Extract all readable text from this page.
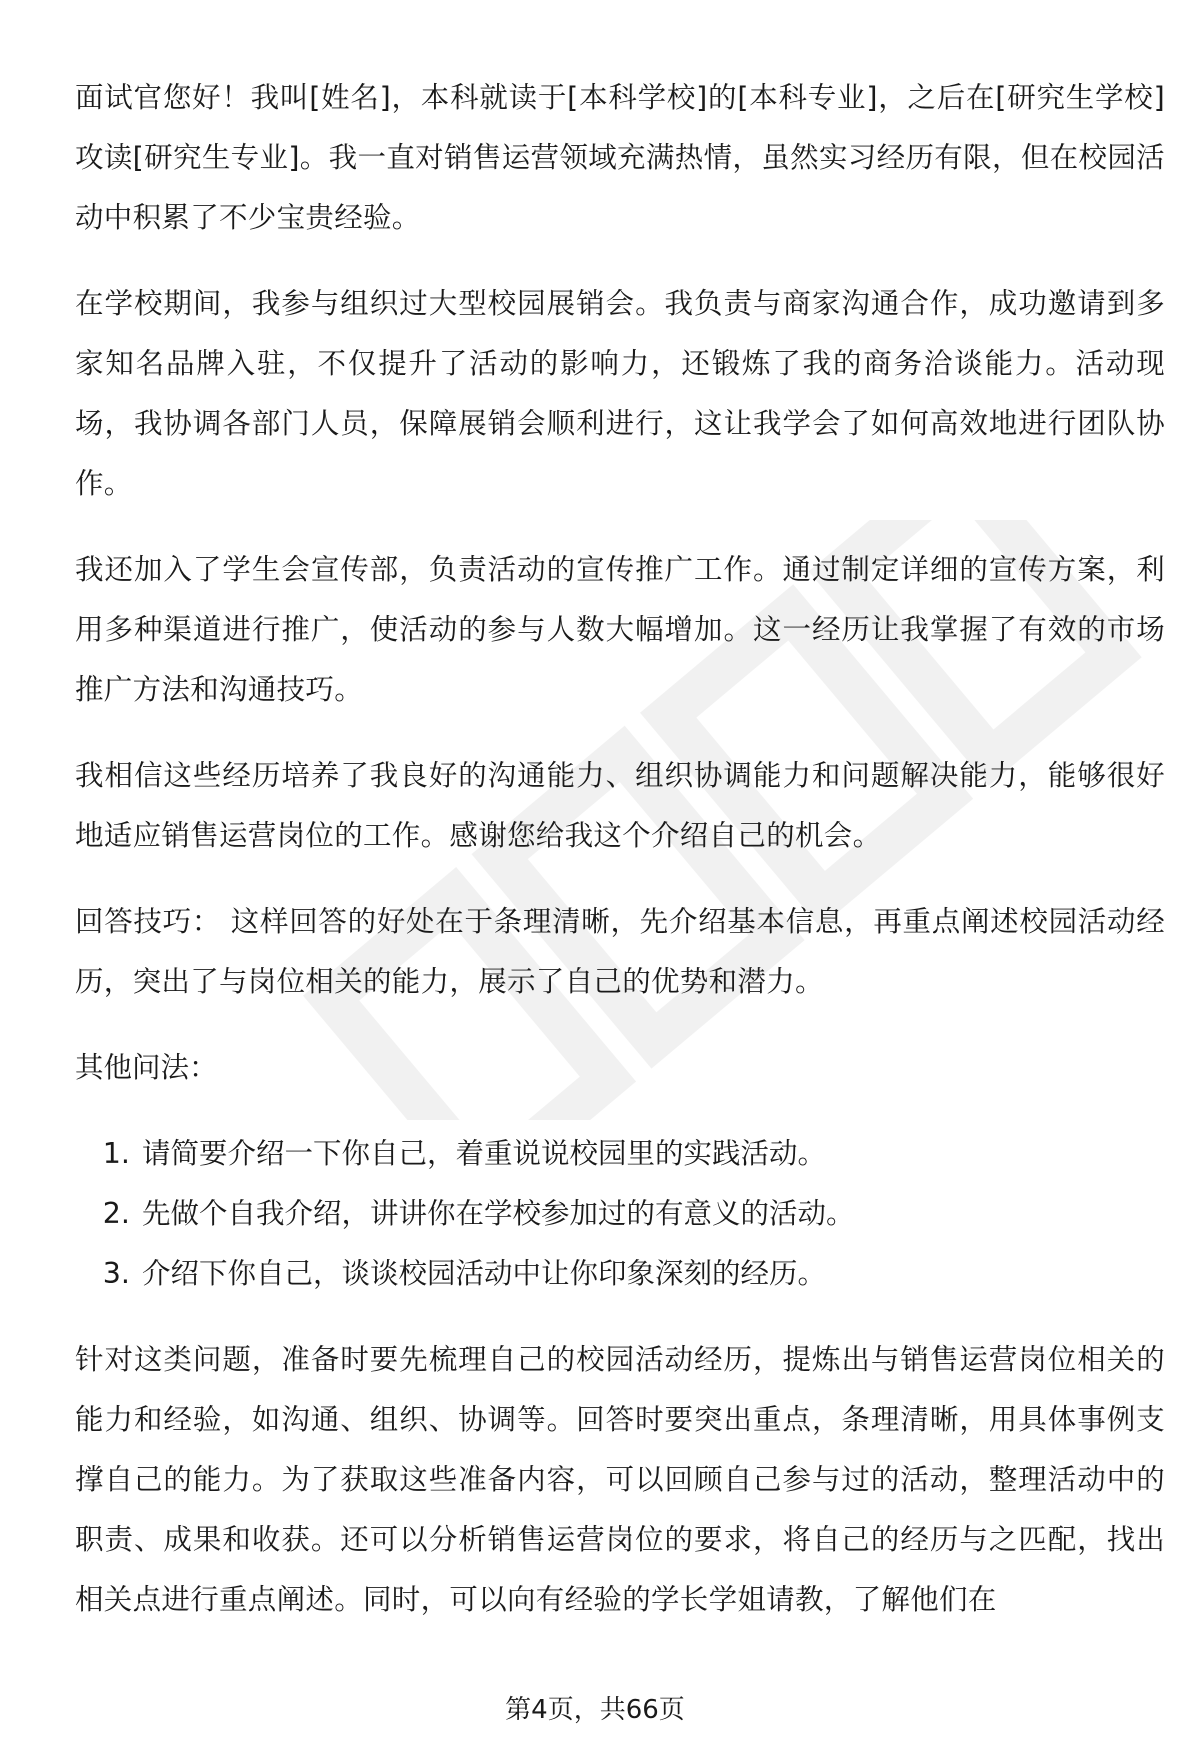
面试官您好！我叫[姓名]，本科就读于[本科学校]的[本科专业]，之后在[研究生学校]攻读[研究生专业]。我一直对销售运营领域充满热情，虽然实习经历有限，但在校园活动中积累了不少宝贵经验。

在学校期间，我参与组织过大型校园展销会。我负责与商家沟通合作，成功邀请到多家知名品牌入驻，不仅提升了活动的影响力，还锻炼了我的商务洽谈能力。活动现场，我协调各部门人员，保障展销会顺利进行，这让我学会了如何高效地进行团队协作。

我还加入了学生会宣传部，负责活动的宣传推广工作。通过制定详细的宣传方案，利用多种渠道进行推广，使活动的参与人数大幅增加。这一经历让我掌握了有效的市场推广方法和沟通技巧。

我相信这些经历培养了我良好的沟通能力、组织协调能力和问题解决能力，能够很好地适应销售运营岗位的工作。感谢您给我这个介绍自己的机会。

回答技巧： 这样回答的好处在于条理清晰，先介绍基本信息，再重点阐述校园活动经历，突出了与岗位相关的能力，展示了自己的优势和潜力。

其他问法：

1. 请简要介绍一下你自己，着重说说校园里的实践活动。
2. 先做个自我介绍，讲讲你在学校参加过的有意义的活动。
3. 介绍下你自己，谈谈校园活动中让你印象深刻的经历。

针对这类问题，准备时要先梳理自己的校园活动经历，提炼出与销售运营岗位相关的能力和经验，如沟通、组织、协调等。回答时要突出重点，条理清晰，用具体事例支撑自己的能力。为了获取这些准备内容，可以回顾自己参与过的活动，整理活动中的职责、成果和收获。还可以分析销售运营岗位的要求，将自己的经历与之匹配，找出相关点进行重点阐述。同时，可以向有经验的学长学姐请教，了解他们在

第4页，共66页
